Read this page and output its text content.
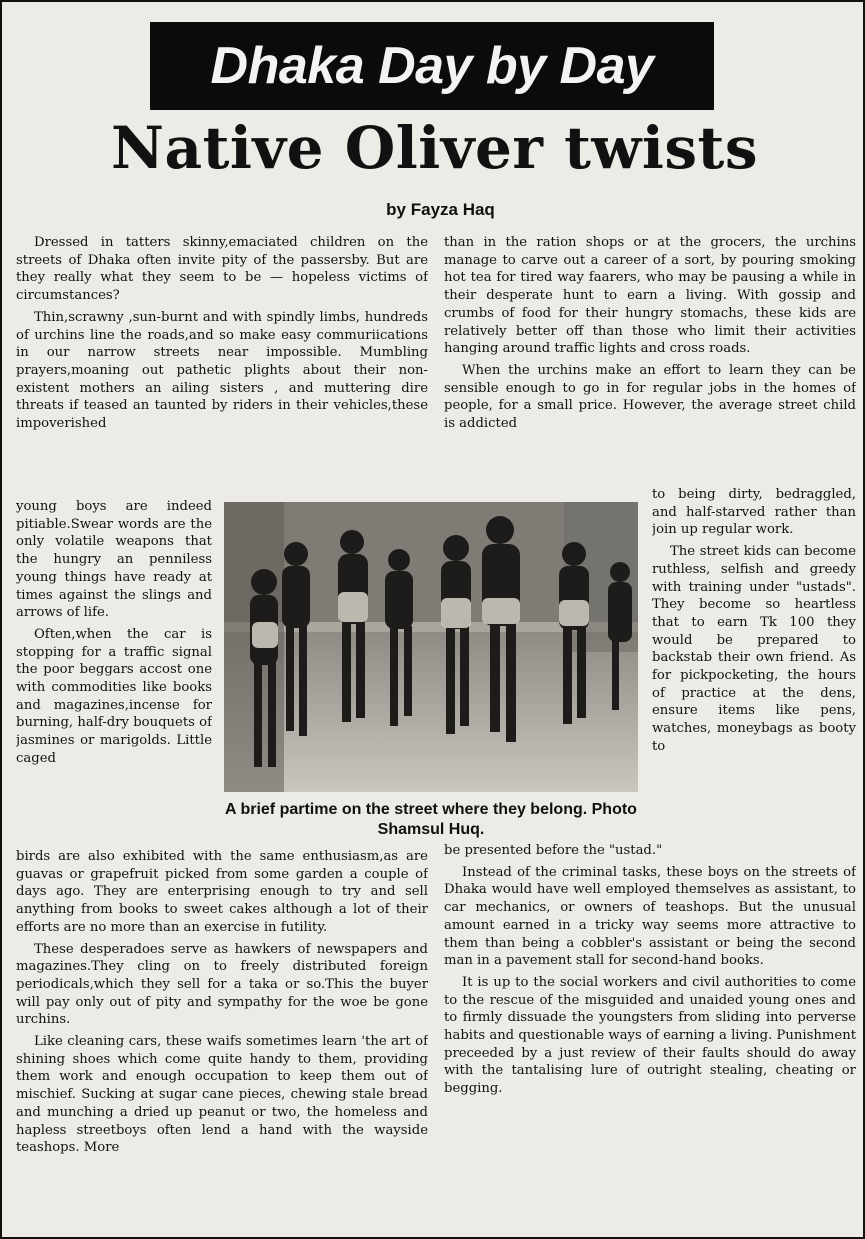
Dhaka Day by Day
Native Oliver twists
by Fayza Haq

Dressed in tatters skinny,emaciated children on the streets of Dhaka often invite pity of the passersby. But are they really what they seem to be — hopeless victims of circumstances?

Thin,scrawny ,sun-burnt and with spindly limbs, hundreds of urchins line the roads,and so make easy commuriications in our narrow streets near impossible. Mumbling prayers,moaning out pathetic plights about their non-existent mothers an ailing sisters , and muttering dire threats if teased an taunted by riders in their vehicles,these impoverished

young boys are indeed pitiable.Swear words are the only volatile weapons that the hungry an penniless young things have ready at times against the slings and arrows of life.

Often,when the car is stopping for a traffic signal the poor beggars accost one with commodities like books and magazines,incense for burning, half-dry bouquets of jasmines or marigolds. Little caged

birds are also exhibited with the same enthusiasm,as are guavas or grapefruit picked from some garden a couple of days ago. They are enterprising enough to try and sell anything from books to sweet cakes although a lot of their efforts are no more than an exercise in futility.

These desperadoes serve as hawkers of newspapers and magazines.They cling on to freely distributed foreign periodicals,which they sell for a taka or so.This the buyer will pay only out of pity and sympathy for the woe be gone urchins.

Like cleaning cars, these waifs sometimes learn 'the art of shining shoes which come quite handy to them, providing them work and enough occupation to keep them out of mischief. Sucking at sugar cane pieces, chewing stale bread and munching a dried up peanut or two, the homeless and hapless streetboys often lend a hand with the wayside teashops. More

than in the ration shops or at the grocers, the urchins manage to carve out a career of a sort, by pouring smoking hot tea for tired way faarers, who may be pausing a while in their desperate hunt to earn a living. With gossip and crumbs of food for their hungry stomachs, these kids are relatively better off than those who limit their activities hanging around traffic lights and cross roads.

When the urchins make an effort to learn they can be sensible enough to go in for regular jobs in the homes of people, for a small price. However, the average street child is addicted

to being dirty, bedraggled, and half-starved rather than join up regular work.

The street kids can become ruthless, selfish and greedy with training under "ustads". They become so heartless that to earn Tk 100 they would be prepared to backstab their own friend. As for pickpocketing, the hours of practice at the dens, ensure items like pens, watches, moneybags as booty to

be presented before the "ustad."

Instead of the criminal tasks, these boys on the streets of Dhaka would have well employed themselves as assistant, to car mechanics, or owners of teashops. But the unusual amount earned in a tricky way seems more attractive to them than being a cobbler's assistant or being the second man in a pavement stall for second-hand books.

It is up to the social workers and civil authorities to come to the rescue of the misguided and unaided young ones and to firmly dissuade the youngsters from sliding into perverse habits and questionable ways of earning a living. Punishment preceeded by a just review of their faults should do away with the tantalising lure of outright stealing, cheating or begging.

A brief partime on the street where they belong. Photo Shamsul Huq.
